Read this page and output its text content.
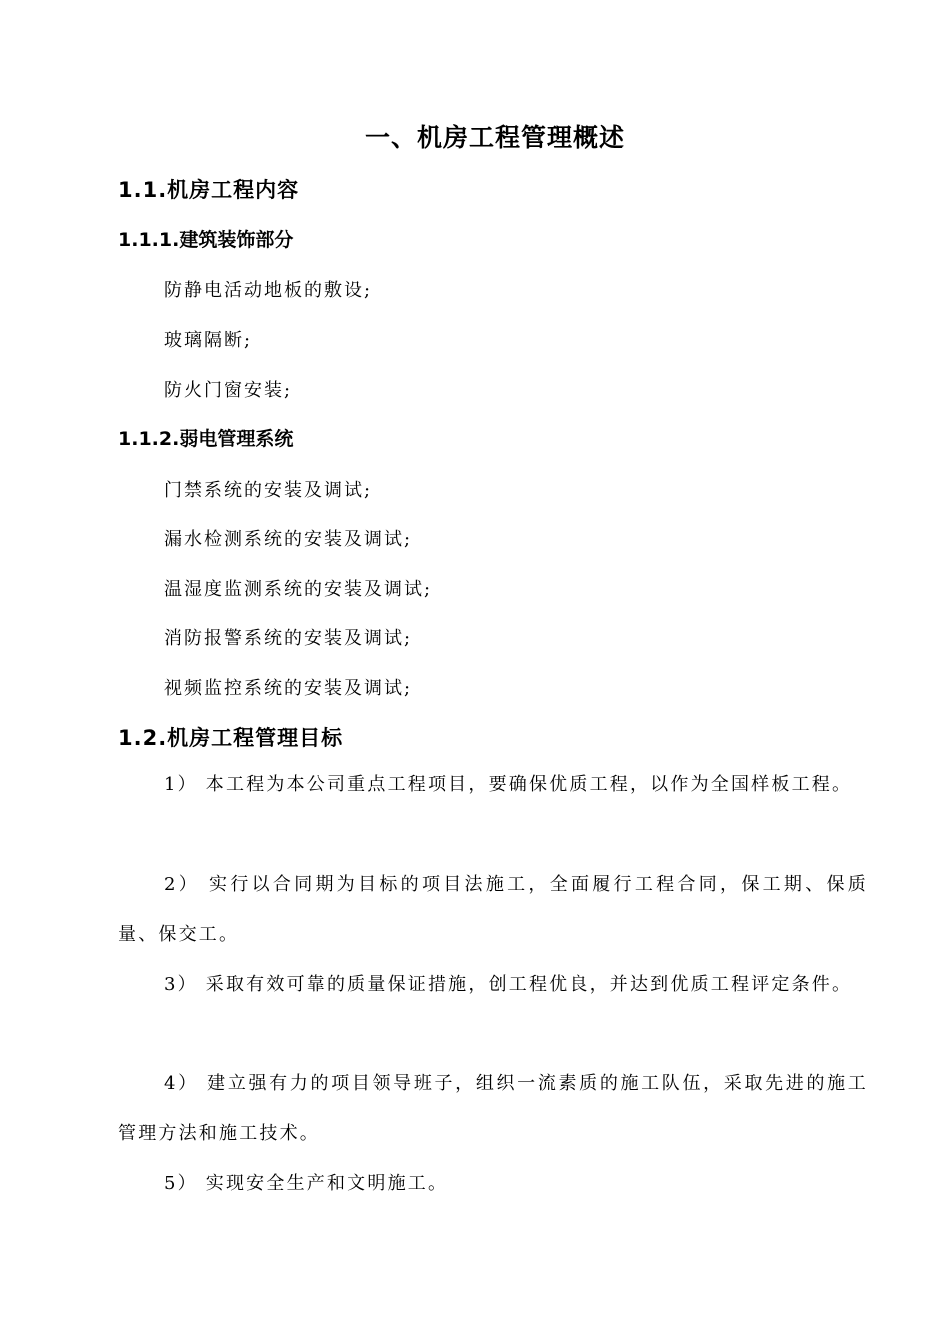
一、机房工程管理概述
1.1.机房工程内容
1.1.1.建筑装饰部分
防静电活动地板的敷设;
玻璃隔断;
防火门窗安装;
1.1.2.弱电管理系统
门禁系统的安装及调试;
漏水检测系统的安装及调试;
温湿度监测系统的安装及调试;
消防报警系统的安装及调试;
视频监控系统的安装及调试;
1.2.机房工程管理目标
1） 本工程为本公司重点工程项目，要确保优质工程，以作为全国样板工程。
2） 实行以合同期为目标的项目法施工，全面履行工程合同，保工期、保质量、保交工。
3） 采取有效可靠的质量保证措施，创工程优良，并达到优质工程评定条件。
4） 建立强有力的项目领导班子，组织一流素质的施工队伍，采取先进的施工管理方法和施工技术。
5） 实现安全生产和文明施工。
